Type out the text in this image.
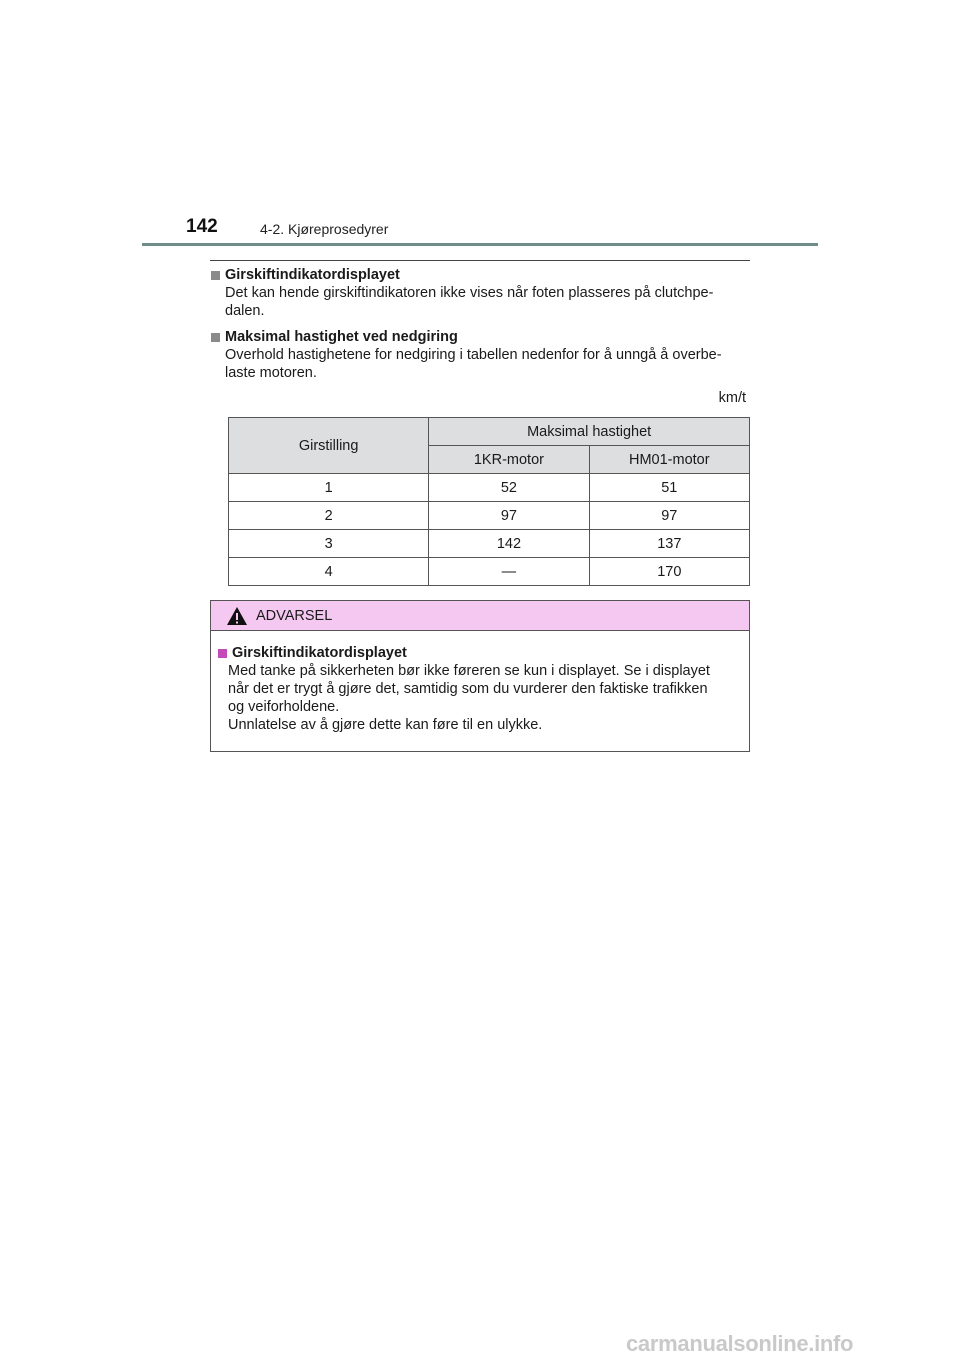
142	4-2. Kjøreprosedyrer
Girskiftindikatordisplayet
Det kan hende girskiftindikatoren ikke vises når foten plasseres på clutchpe-
dalen.
Maksimal hastighet ved nedgiring
Overhold hastighetene for nedgiring i tabellen nedenfor for å unngå å overbe-
laste motoren.
km/t
Girstilling	Maksimal hastighet	
	1KR-motor	HM01-motor
1	52	51
2	97	97
3	142	137
4	—	170
ADVARSEL
Girskiftindikatordisplayet
Med tanke på sikkerheten bør ikke føreren se kun i displayet. Se i displayet
når det er trygt å gjøre det, samtidig som du vurderer den faktiske trafikken
og veiforholdene.
Unnlatelse av å gjøre dette kan føre til en ulykke.
carmanualsonline.info
